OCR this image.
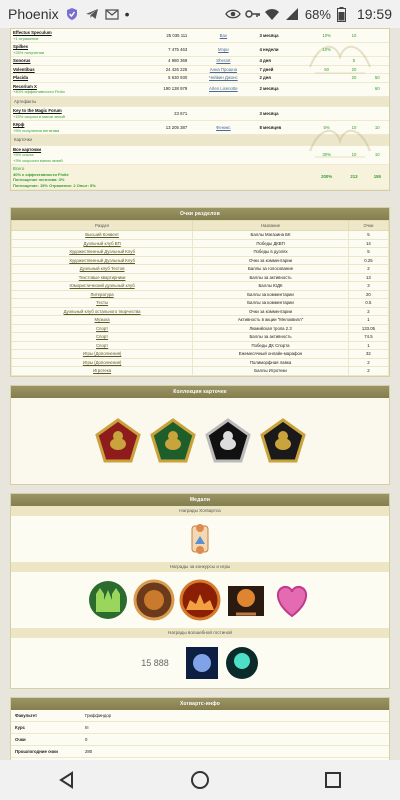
Phoenix	•	68% 19:59
Effectus Speculum
+1 отражение	25 035 111	Bax	3 месяца	10%	10	

Spilkes
+25% получения	7 475 463	Мэри	4 недели	10%		

Sonorus	4 980 369	Sherart	4 дня		5	

Volentibus	24 426 225	Анна Прошна	7 дней	50	20	

Placida	5 630 930	Чейвин Джонс	2 дня		20	50

Recorium X
+40% эффективности Fintio	190 138 979	Arlen Lisenotte	2 месяца			60

Артефакты						

Key to the Magic Forum
+15% скорости магии зелий	23 671		3 месяца			

Кёрф
+5% получения негатива	13 205 387	Феникс	8 месяцев	5%	10	10

Карточки						

Все карточки
+5% опыта
+3% скорости магии зелий				30%	10	10

Всего
40% к эффективности Finite
Поглощение негатива: 3%
Поглощение: 15% Отражение: 2 Опыт: 5%				200%	213	155
Очки разделов
Раздел	Название	Очки
Высший Конвент	Баллы Магазина БК	5
Дуэльный клуб ВП	Победы ДКВП	14
Художественный Дуэльный Клуб	Победы в дуэлях	5
Художественный Дуэльный Клуб	Очки за комментарии	0.25
Дуэльный клуб Тестов	Баллы за голосование	2
Текстовые квартирники	Баллы за активность	13
Юмористический дуэльный клуб	Баллы ЮДК	3
Литература	Баллы за комментарии	20
Тесты	Баллы за комментарии	0.5
Дуэльный клуб остального творчества	Очки за комментарии	2
Музыка	Активность в акции "Мелоквилл"	1
Спорт	Люмийская тропа 2.3	133.05
Спорт	Баллы за активность	74.5
Спорт	Победы ДК Спорта	1
Игры (Дополнения)	Ежемесячный онлайн-марафон	32
Игры (Дополнения)	Полиморфная лавка	2
Игротека	Баллы Игротеки	2
Коллекция карточек
Медали
Награды Хогвартса
Награды за конкурсы и игры
Награды волшебной гостиной
15 888
Хогвартс-инфо
Факультет	Гриффиндор
Курс	III
Очки	0
Прошлогодние очки	280
